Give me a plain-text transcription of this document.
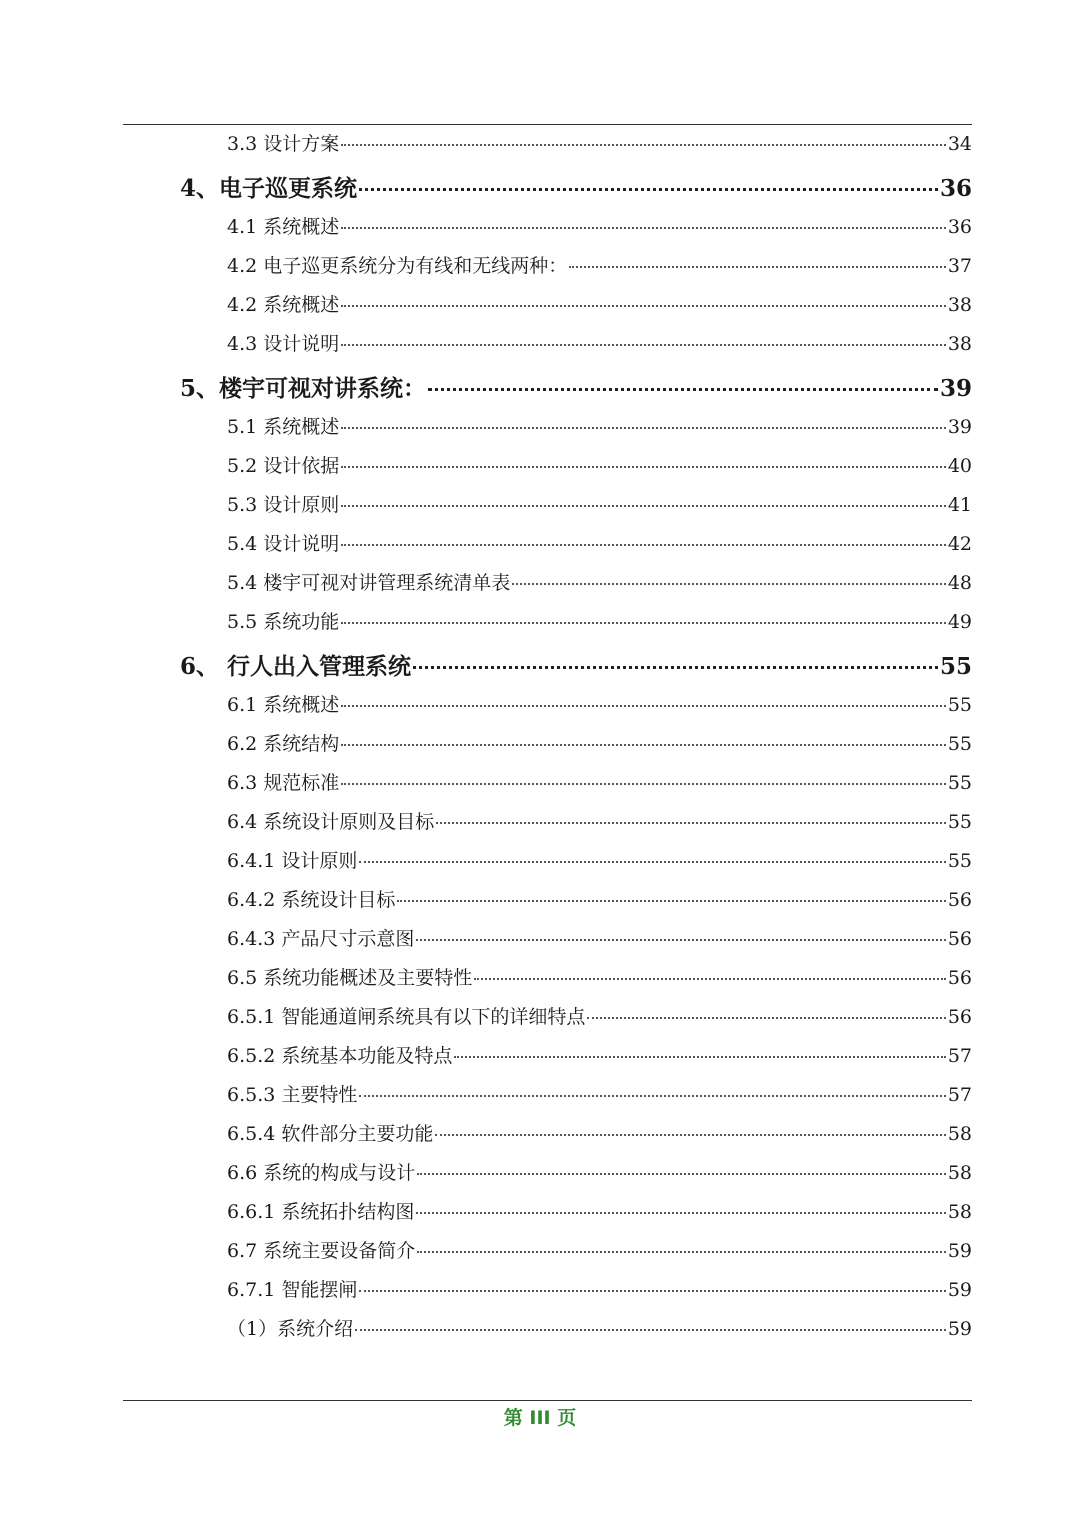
3.3 设计方案	34
4、电子巡更系统	36
4.1 系统概述	36
4.2 电子巡更系统分为有线和无线两种：	37
4.2 系统概述	38
4.3 设计说明	38
5、楼宇可视对讲系统：	39
5.1 系统概述	39
5.2 设计依据	40
5.3 设计原则	41
5.4 设计说明	42
5.4 楼宇可视对讲管理系统清单表	48
5.5 系统功能	49
6、 行人出入管理系统	55
6.1 系统概述	55
6.2 系统结构	55
6.3 规范标准	55
6.4 系统设计原则及目标	55
6.4.1 设计原则	55
6.4.2 系统设计目标	56
6.4.3 产品尺寸示意图	56
6.5 系统功能概述及主要特性	56
6.5.1 智能通道闸系统具有以下的详细特点	56
6.5.2 系统基本功能及特点	57
6.5.3 主要特性	57
6.5.4 软件部分主要功能	58
6.6 系统的构成与设计	58
6.6.1 系统拓扑结构图	58
6.7 系统主要设备简介	59
6.7.1 智能摆闸	59
（1）系统介绍	59
第 III 页
